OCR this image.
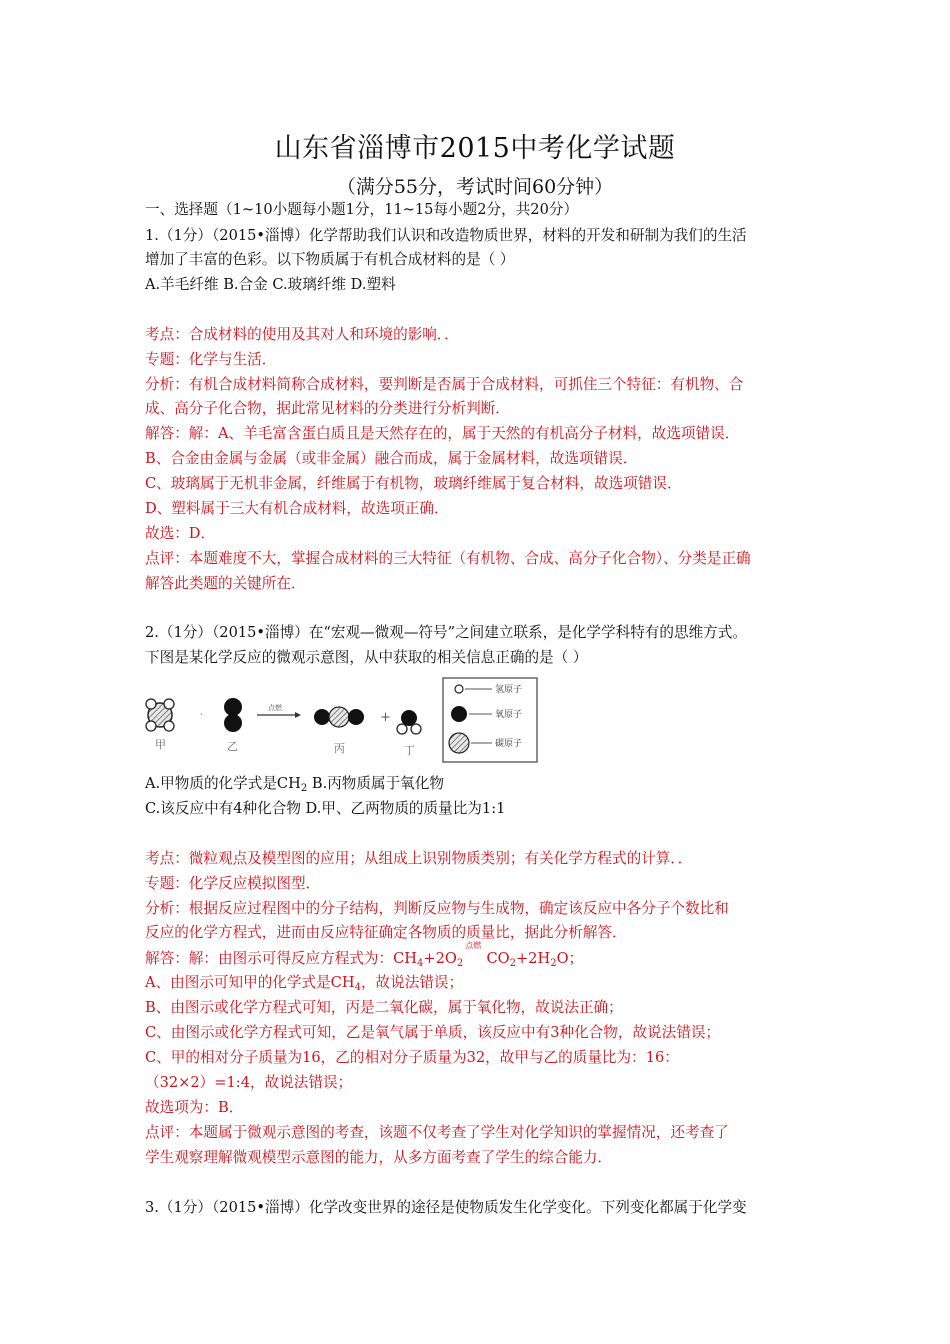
山东省淄博市2015中考化学试题
（满分55分，考试时间60分钟）
一、选择题（1~10小题每小题1分，11~15每小题2分，共20分）
1.（1分）（2015•淄博）化学帮助我们认识和改造物质世界，材料的开发和研制为我们的生活
增加了丰富的色彩。以下物质属于有机合成材料的是（ ）
A.羊毛纤维 B.合金 C.玻璃纤维 D.塑料
考点：合成材料的使用及其对人和环境的影响．．
专题：化学与生活．
分析：有机合成材料简称合成材料，要判断是否属于合成材料，可抓住三个特征：有机物、合
成、高分子化合物，据此常见材料的分类进行分析判断．
解答：解：A、羊毛富含蛋白质且是天然存在的，属于天然的有机高分子材料，故选项错误．
B、合金由金属与金属（或非金属）融合而成，属于金属材料，故选项错误．
C、玻璃属于无机非金属，纤维属于有机物，玻璃纤维属于复合材料，故选项错误．
D、塑料属于三大有机合成材料，故选项正确．
故选：D．
点评：本题难度不大，掌握合成材料的三大特征（有机物、合成、高分子化合物）、分类是正确
解答此类题的关键所在．
2.（1分）（2015•淄博）在“宏观—微观—符号”之间建立联系，是化学学科特有的思维方式。
下图是某化学反应的微观示意图，从中获取的相关信息正确的是（ ）
甲
·
乙
点燃
丙
+
丁
氢原子
氧原子
碳原子
A.甲物质的化学式是$CH_2$ B.丙物质属于氧化物
C.该反应中有4种化合物 D.甲、乙两物质的质量比为1:1
考点：微粒观点及模型图的应用；从组成上识别物质类别；有关化学方程式的计算．．
专题：化学反应模拟图型．
分析：根据反应过程图中的分子结构，判断反应物与生成物，确定该反应中各分子个数比和
反应的化学方程式，进而由反应特征确定各物质的质量比，据此分析解答．
解答：解：由图示可得反应方程式为：$CH_4+2O_2$
点燃
$CO_2+2H_2O$；
A、由图示可知甲的化学式是$CH_4$，故说法错误；
B、由图示或化学方程式可知，丙是二氧化碳，属于氧化物，故说法正确；
C、由图示或化学方程式可知，乙是氧气属于单质，该反应中有3种化合物，故说法错误；
C、甲的相对分子质量为16，乙的相对分子质量为32，故甲与乙的质量比为：16：
（32×2）=1:4，故说法错误；
故选项为：B．
点评：本题属于微观示意图的考查，该题不仅考查了学生对化学知识的掌握情况，还考查了
学生观察理解微观模型示意图的能力，从多方面考查了学生的综合能力．
3.（1分）（2015•淄博）化学改变世界的途径是使物质发生化学变化。下列变化都属于化学变
